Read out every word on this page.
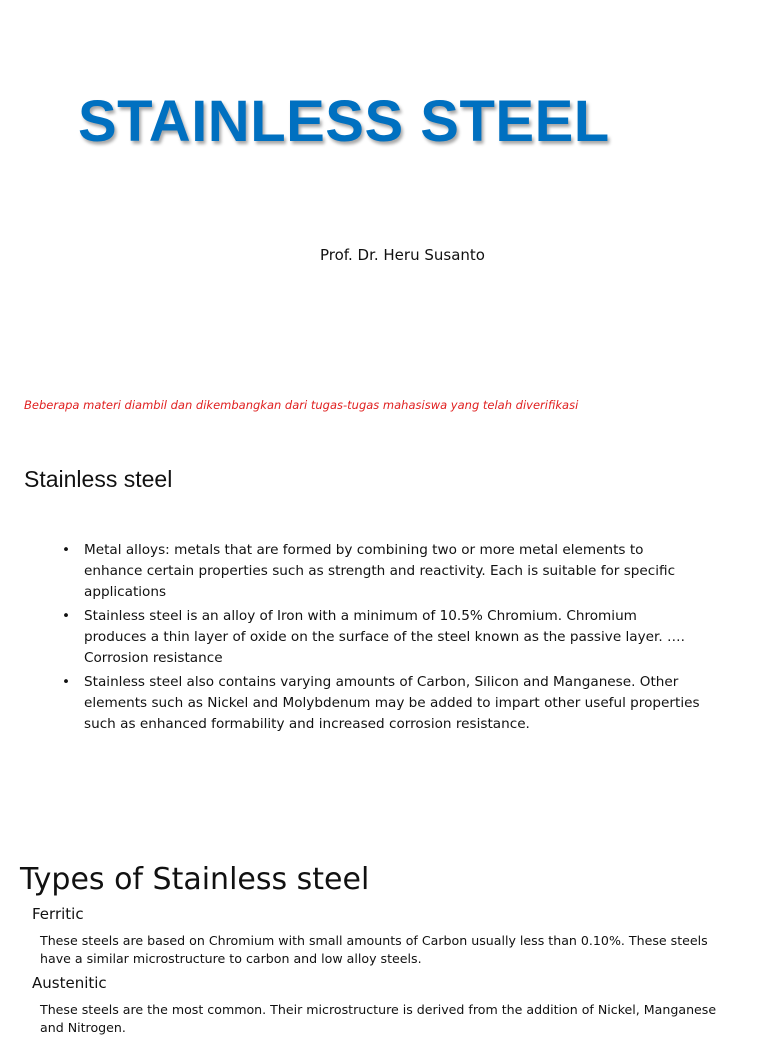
STAINLESS STEEL
Prof. Dr. Heru Susanto
Beberapa materi diambil dan dikembangkan dari tugas-tugas mahasiswa yang telah diverifikasi
Stainless steel
• Metal alloys: metals that are formed by combining two or more metal elements to enhance certain properties such as strength and reactivity. Each is suitable for specific applications
• Stainless steel is an alloy of Iron with a minimum of 10.5% Chromium. Chromium produces a thin layer of oxide on the surface of the steel known as the passive layer. …. Corrosion resistance
• Stainless steel also contains varying amounts of Carbon, Silicon and Manganese. Other elements such as Nickel and Molybdenum may be added to impart other useful properties such as enhanced formability and increased corrosion resistance.
Types of Stainless steel
Ferritic
These steels are based on Chromium with small amounts of Carbon usually less than 0.10%. These steels have a similar microstructure to carbon and low alloy steels.
Austenitic
These steels are the most common. Their microstructure is derived from the addition of Nickel, Manganese and Nitrogen.
